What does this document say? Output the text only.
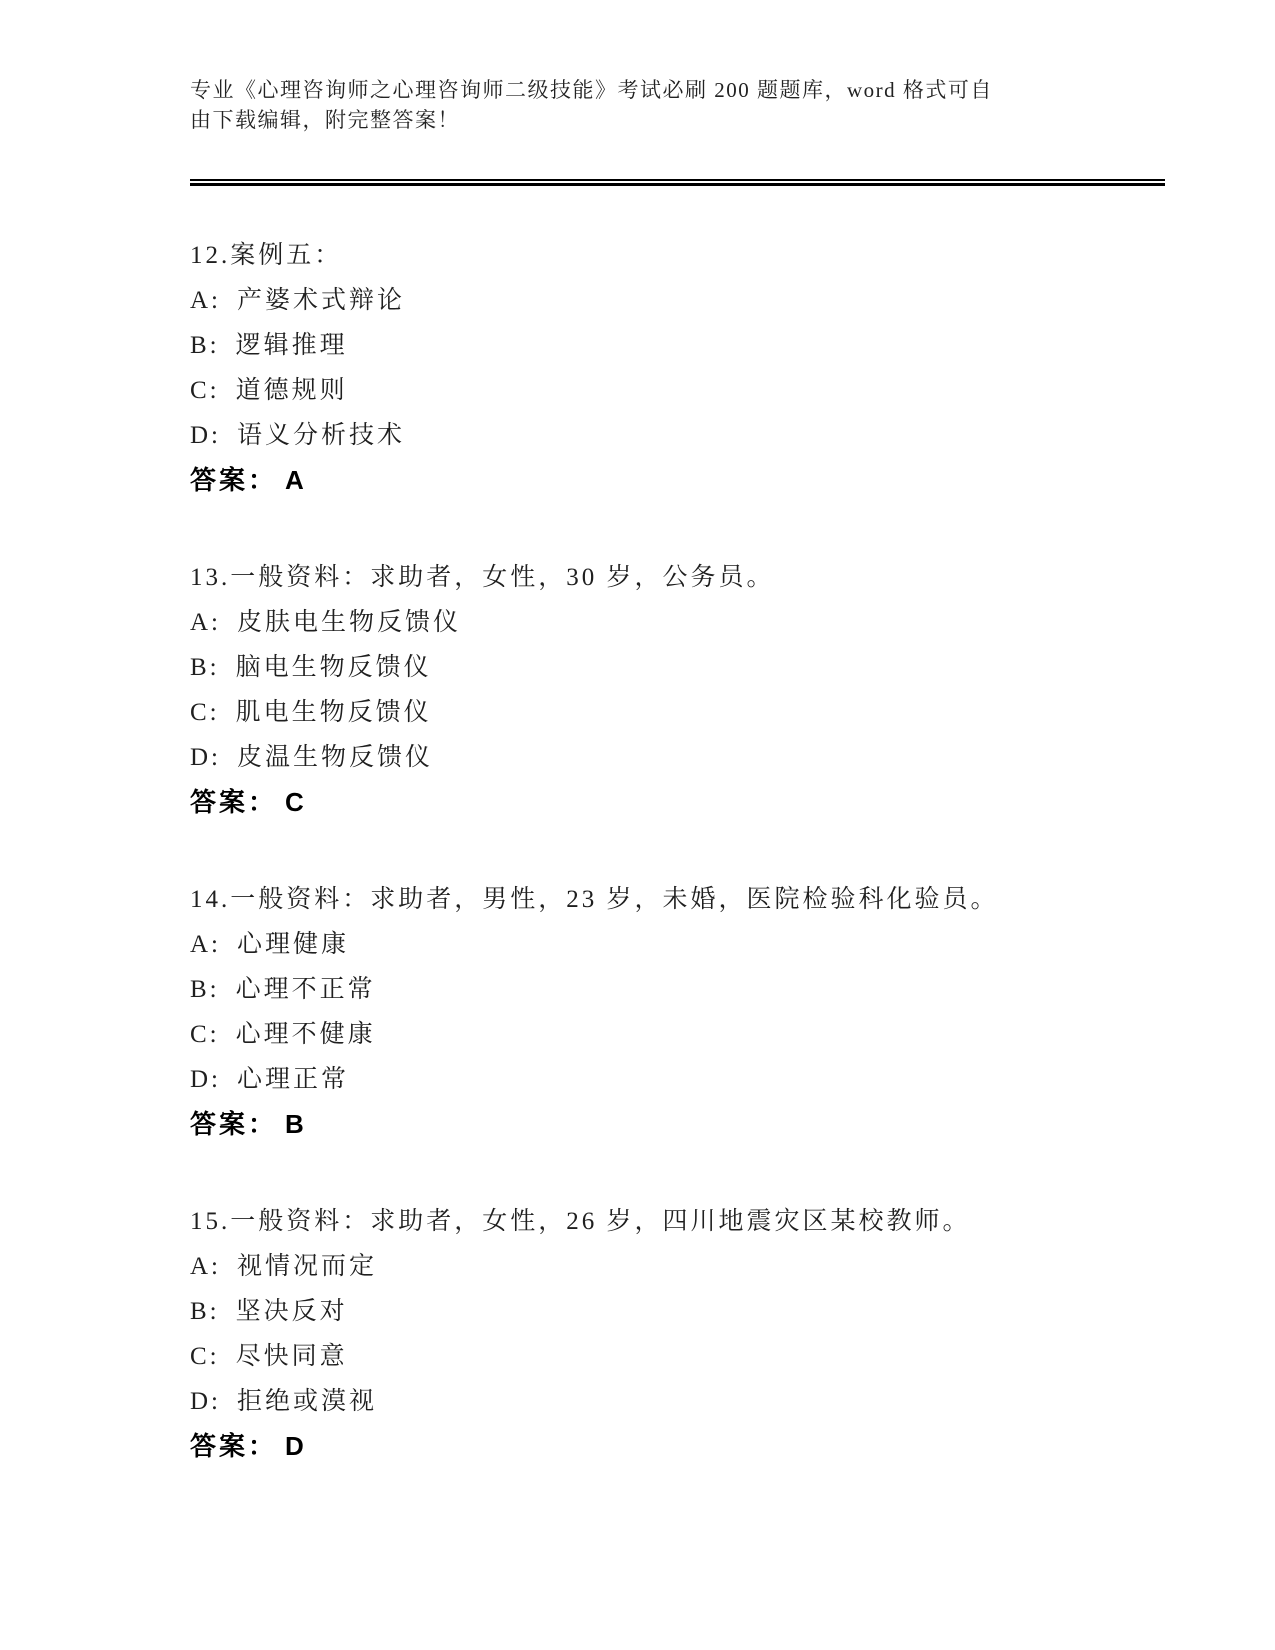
专业《心理咨询师之心理咨询师二级技能》考试必刷 200 题题库，word 格式可自

由下载编辑，附完整答案！

12.案例五：

A: 产婆术式辩论

B: 逻辑推理

C: 道德规则

D: 语义分析技术

答案： A

13.一般资料：求助者，女性，30 岁，公务员。

A: 皮肤电生物反馈仪

B: 脑电生物反馈仪

C: 肌电生物反馈仪

D: 皮温生物反馈仪

答案： C

14.一般资料：求助者，男性，23 岁，未婚，医院检验科化验员。

A: 心理健康

B: 心理不正常

C: 心理不健康

D: 心理正常

答案： B

15.一般资料：求助者，女性，26 岁，四川地震灾区某校教师。

A: 视情况而定

B: 坚决反对

C: 尽快同意

D: 拒绝或漠视

答案： D
